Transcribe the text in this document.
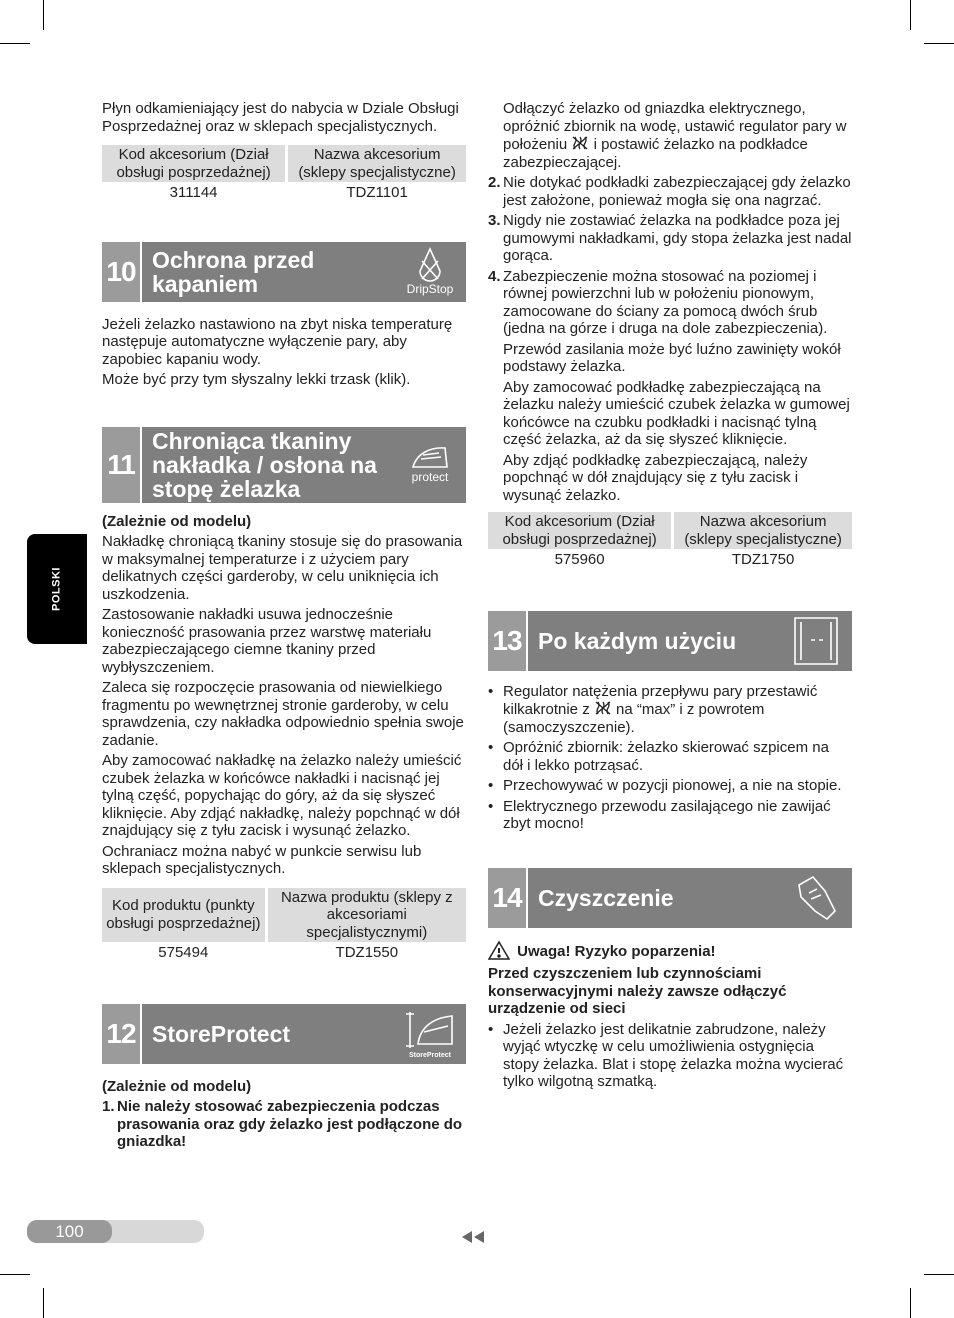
Płyn odkamieniający jest do nabycia w Dziale Obsługi Posprzedażnej oraz w sklepach specjalistycznych.

Kod akcesorium (Dział obsługi posprzedażnej)	Nazwa akcesorium (sklepy specjalistyczne)
311144	TDZ1101
10 Ochrona przed kapaniem	DripStop

Jeżeli żelazko nastawiono na zbyt niska temperaturę następuje automatyczne wyłączenie pary, aby zapobiec kapaniu wody.

Może być przy tym słyszalny lekki trzask (klik).

11
Chroniąca tkaniny nakładka / osłona na stopę żelazka	protect

(Zależnie od modelu)

Nakładkę chroniącą tkaniny stosuje się do prasowania w maksymalnej temperaturze i z użyciem pary delikatnych części garderoby, w celu uniknięcia ich uszkodzenia.

Zastosowanie nakładki usuwa jednocześnie konieczność prasowania przez warstwę materiału zabezpieczającego ciemne tkaniny przed wybłyszczeniem.

Zaleca się rozpoczęcie prasowania od niewielkiego fragmentu po wewnętrznej stronie garderoby, w celu sprawdzenia, czy nakładka odpowiednio spełnia swoje zadanie.

Aby zamocować nakładkę na żelazko należy umieścić czubek żelazka w końcówce nakładki i nacisnąć jej tylną część, popychając do góry, aż da się słyszeć kliknięcie. Aby zdjąć nakładkę, należy popchnąć w dół znajdujący się z tyłu zacisk i wysunąć żelazko.

Ochraniacz można nabyć w punkcie serwisu lub sklepach specjalistycznych.

Kod produktu (punkty obsługi posprzedażnej)	Nazwa produktu (sklepy z akcesoriami specjalistycznymi)
575494	TDZ1550
12 StoreProtect
StoreProtect

(Zależnie od modelu)

1. Nie należy stosować zabezpieczenia podczas prasowania oraz gdy żelazko jest podłączone do gniazdka!

Odłączyć żelazko od gniazdka elektrycznego, opróżnić zbiornik na wodę, ustawić regulator pary w położeniu i postawić żelazko na podkładce zabezpieczającej.

2. Nie dotykać podkładki zabezpieczającej gdy żelazko jest założone, ponieważ mogła się ona nagrzać.
3. Nigdy nie zostawiać żelazka na podkładce poza jej gumowymi nakładkami, gdy stopa żelazka jest nadal gorąca.
4. Zabezpieczenie można stosować na poziomej i równej powierzchni lub w położeniu pionowym, zamocowane do ściany za pomocą dwóch śrub (jedna na górze i druga na dole zabezpieczenia).

Przewód zasilania może być luźno zawinięty wokół podstawy żelazka.

Aby zamocować podkładkę zabezpieczającą na żelazku należy umieścić czubek żelazka w gumowej końcówce na czubku podkładki i nacisnąć tylną część żelazka, aż da się słyszeć kliknięcie.

Aby zdjąć podkładkę zabezpieczającą, należy popchnąć w dół znajdujący się z tyłu zacisk i wysunąć żelazko.

Kod akcesorium (Dział obsługi posprzedażnej)	Nazwa akcesorium (sklepy specjalistyczne)
575960	TDZ1750
13 Po każdym użyciu
• Regulator natężenia przepływu pary przestawić kilkakrotnie z na “max” i z powrotem (samoczyszczenie).
• Opróżnić zbiornik: żelazko skierować szpicem na dół i lekko potrząsać.
• Przechowywać w pozycji pionowej, a nie na stopie.
• Elektrycznego przewodu zasilającego nie zawijać zbyt mocno!
14 Czyszczenie

Uwaga! Ryzyko poparzenia!

Przed czyszczeniem lub czynnościami konserwacyjnymi należy zawsze odłączyć urządzenie od sieci

• Jeżeli żelazko jest delikatnie zabrudzone, należy wyjąć wtyczkę w celu umożliwienia ostygnięcia stopy żelazka. Blat i stopę żelazka można wycierać tylko wilgotną szmatką.
POLSKI
100
